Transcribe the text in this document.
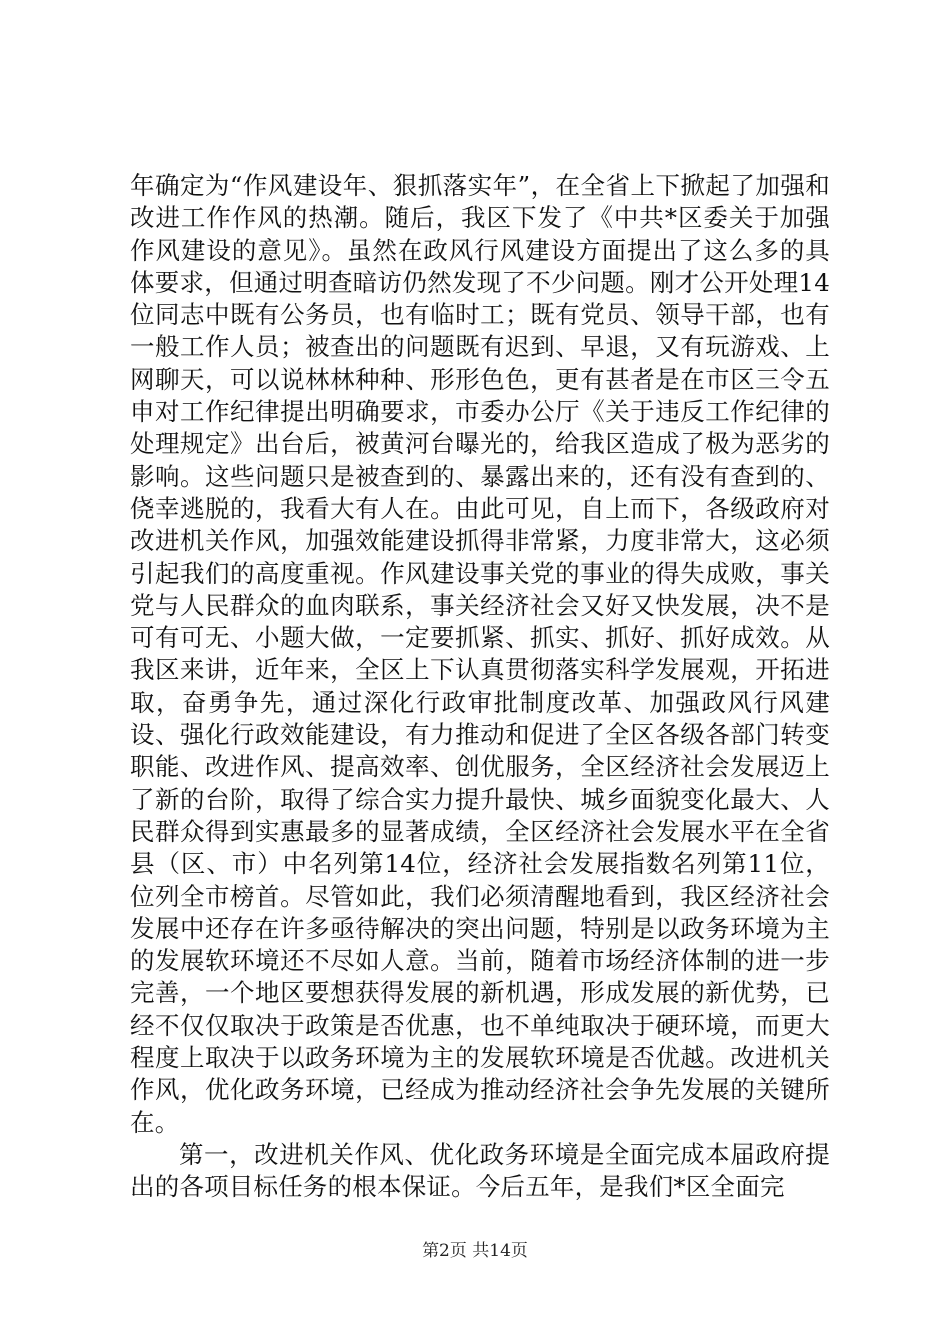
年确定为“作风建设年、狠抓落实年”，在全省上下掀起了加强和改进工作作风的热潮。随后，我区下发了《中共*区委关于加强作风建设的意见》。虽然在政风行风建设方面提出了这么多的具体要求，但通过明查暗访仍然发现了不少问题。刚才公开处理14位同志中既有公务员，也有临时工；既有党员、领导干部，也有一般工作人员；被查出的问题既有迟到、早退，又有玩游戏、上网聊天，可以说林林种种、形形色色，更有甚者是在市区三令五申对工作纪律提出明确要求，市委办公厅《关于违反工作纪律的处理规定》出台后，被黄河台曝光的，给我区造成了极为恶劣的影响。这些问题只是被查到的、暴露出来的，还有没有查到的、侥幸逃脱的，我看大有人在。由此可见，自上而下，各级政府对改进机关作风，加强效能建设抓得非常紧，力度非常大，这必须引起我们的高度重视。作风建设事关党的事业的得失成败，事关党与人民群众的血肉联系，事关经济社会又好又快发展，决不是可有可无、小题大做，一定要抓紧、抓实、抓好、抓好成效。从我区来讲，近年来，全区上下认真贯彻落实科学发展观，开拓进取，奋勇争先，通过深化行政审批制度改革、加强政风行风建设、强化行政效能建设，有力推动和促进了全区各级各部门转变职能、改进作风、提高效率、创优服务，全区经济社会发展迈上了新的台阶，取得了综合实力提升最快、城乡面貌变化最大、人民群众得到实惠最多的显著成绩，全区经济社会发展水平在全省县（区、市）中名列第14位，经济社会发展指数名列第11位，位列全市榜首。尽管如此，我们必须清醒地看到，我区经济社会发展中还存在许多亟待解决的突出问题，特别是以政务环境为主的发展软环境还不尽如人意。当前，随着市场经济体制的进一步完善，一个地区要想获得发展的新机遇，形成发展的新优势，已经不仅仅取决于政策是否优惠，也不单纯取决于硬环境，而更大程度上取决于以政务环境为主的发展软环境是否优越。改进机关作风，优化政务环境，已经成为推动经济社会争先发展的关键所在。

第一，改进机关作风、优化政务环境是全面完成本届政府提出的各项目标任务的根本保证。今后五年，是我们*区全面完

第2页 共14页
